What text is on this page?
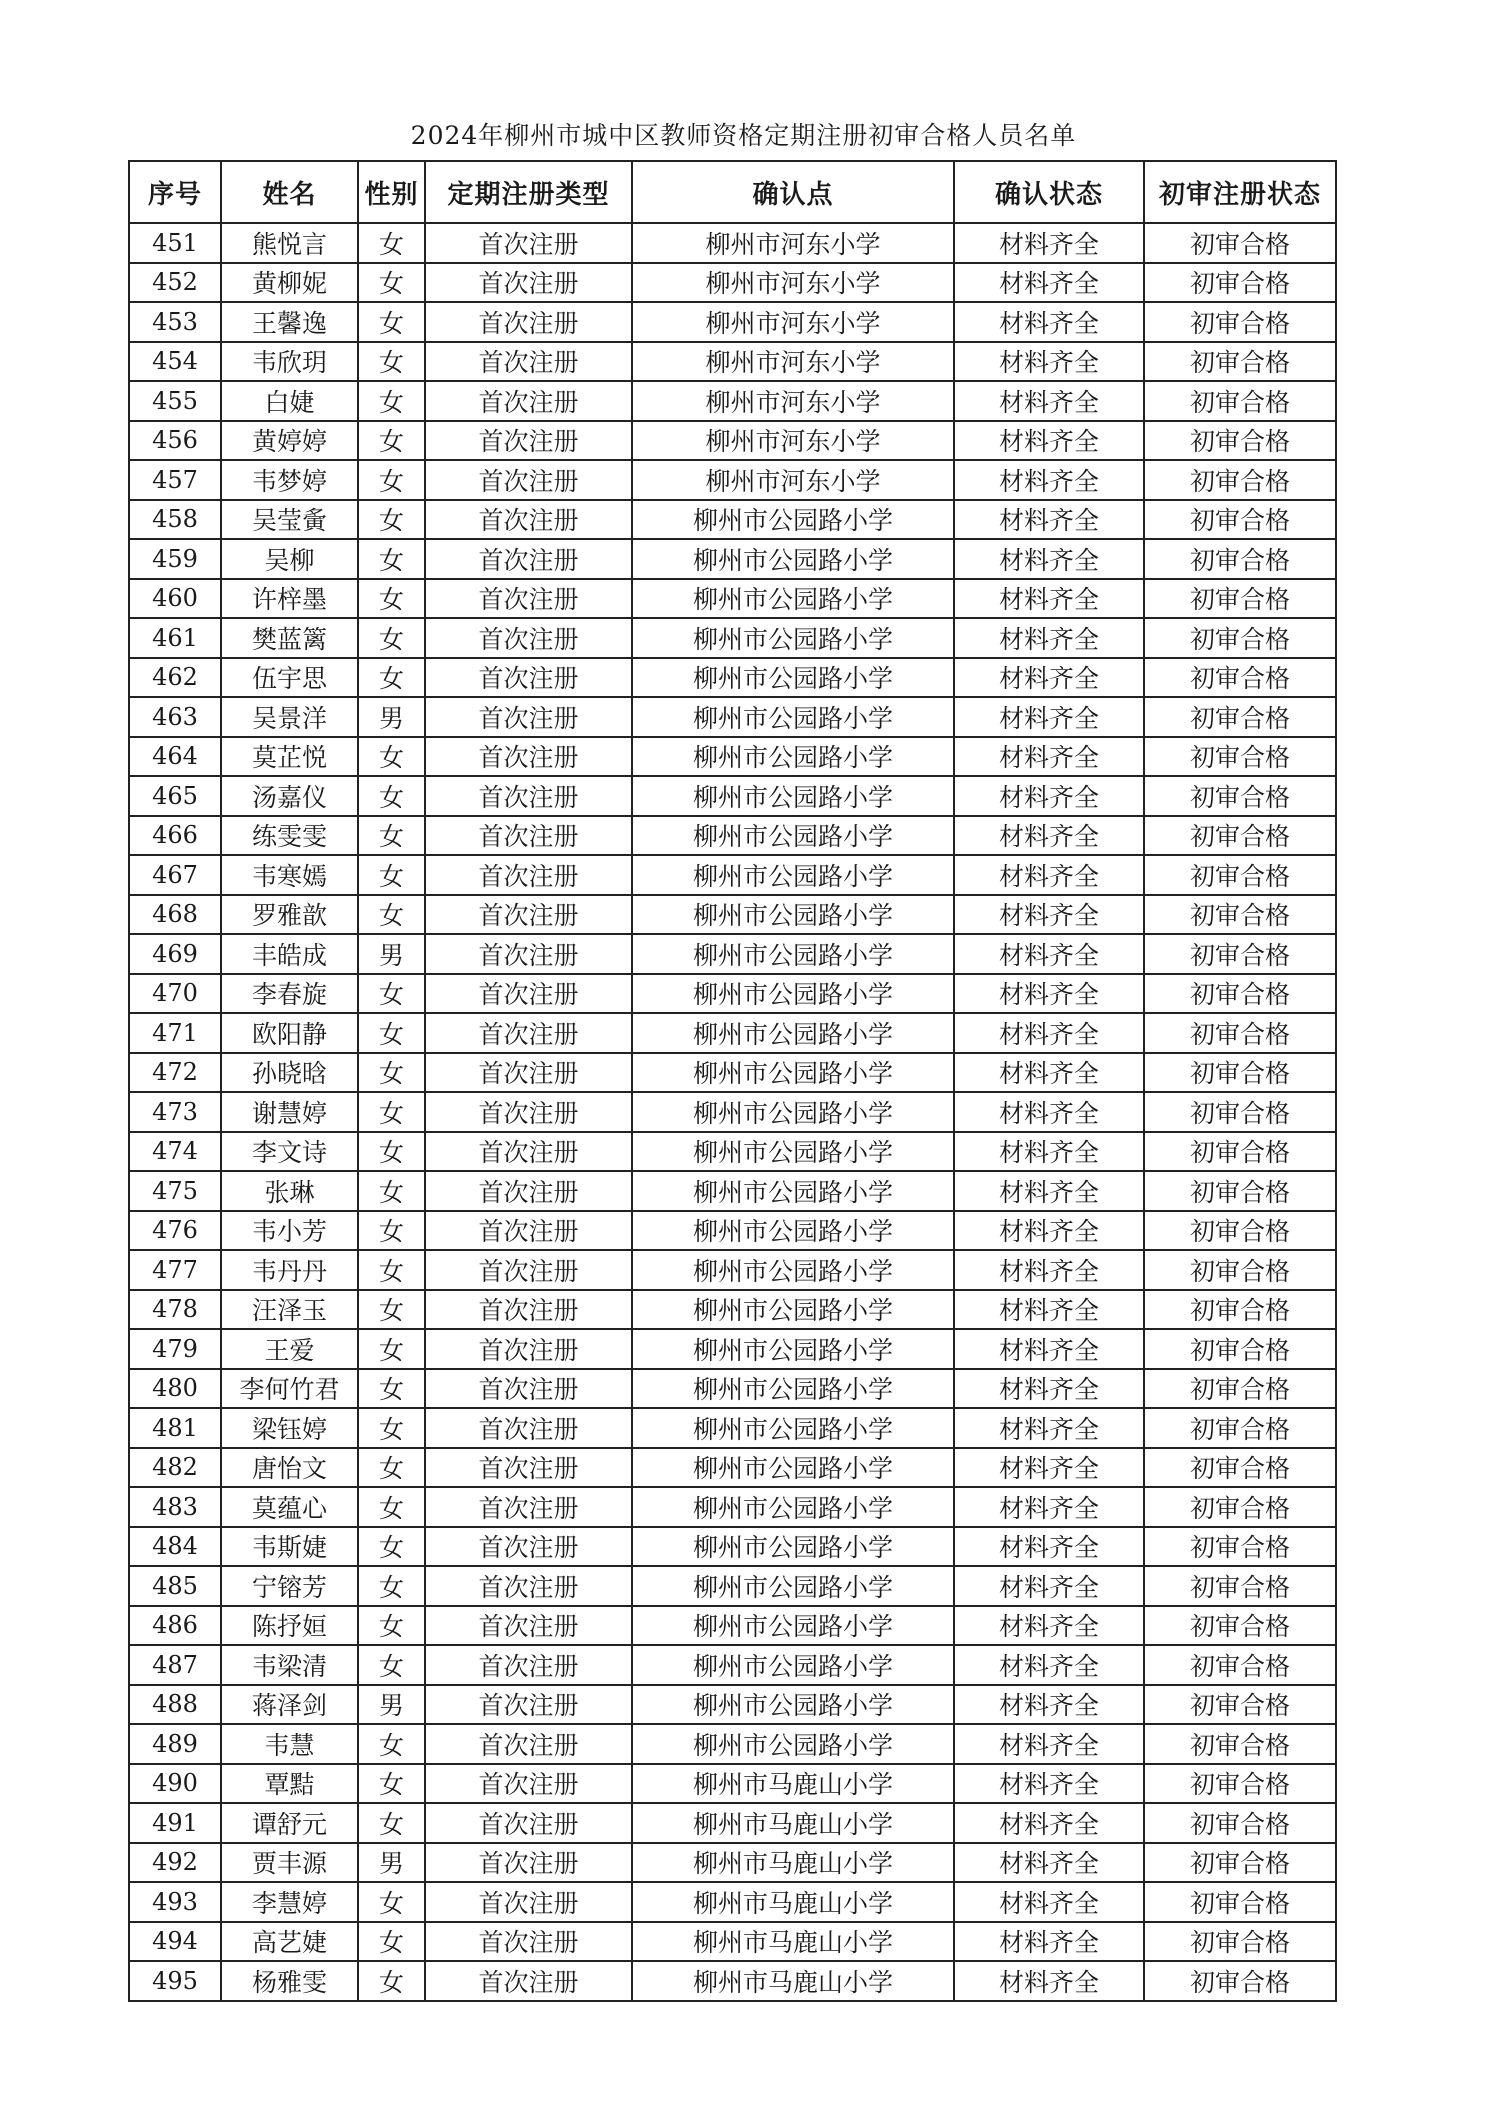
2024年柳州市城中区教师资格定期注册初审合格人员名单
序号	姓名	性别	定期注册类型	确认点	确认状态	初审注册状态
451	熊悦言	女	首次注册	柳州市河东小学	材料齐全	初审合格
452	黄柳妮	女	首次注册	柳州市河东小学	材料齐全	初审合格
453	王馨逸	女	首次注册	柳州市河东小学	材料齐全	初审合格
454	韦欣玥	女	首次注册	柳州市河东小学	材料齐全	初审合格
455	白婕	女	首次注册	柳州市河东小学	材料齐全	初审合格
456	黄婷婷	女	首次注册	柳州市河东小学	材料齐全	初审合格
457	韦梦婷	女	首次注册	柳州市河东小学	材料齐全	初审合格
458	吴莹夤	女	首次注册	柳州市公园路小学	材料齐全	初审合格
459	吴柳	女	首次注册	柳州市公园路小学	材料齐全	初审合格
460	许梓墨	女	首次注册	柳州市公园路小学	材料齐全	初审合格
461	樊蓝篱	女	首次注册	柳州市公园路小学	材料齐全	初审合格
462	伍宇思	女	首次注册	柳州市公园路小学	材料齐全	初审合格
463	吴景洋	男	首次注册	柳州市公园路小学	材料齐全	初审合格
464	莫芷悦	女	首次注册	柳州市公园路小学	材料齐全	初审合格
465	汤嘉仪	女	首次注册	柳州市公园路小学	材料齐全	初审合格
466	练雯雯	女	首次注册	柳州市公园路小学	材料齐全	初审合格
467	韦寒嫣	女	首次注册	柳州市公园路小学	材料齐全	初审合格
468	罗雅歆	女	首次注册	柳州市公园路小学	材料齐全	初审合格
469	丰皓成	男	首次注册	柳州市公园路小学	材料齐全	初审合格
470	李春旋	女	首次注册	柳州市公园路小学	材料齐全	初审合格
471	欧阳静	女	首次注册	柳州市公园路小学	材料齐全	初审合格
472	孙晓晗	女	首次注册	柳州市公园路小学	材料齐全	初审合格
473	谢慧婷	女	首次注册	柳州市公园路小学	材料齐全	初审合格
474	李文诗	女	首次注册	柳州市公园路小学	材料齐全	初审合格
475	张琳	女	首次注册	柳州市公园路小学	材料齐全	初审合格
476	韦小芳	女	首次注册	柳州市公园路小学	材料齐全	初审合格
477	韦丹丹	女	首次注册	柳州市公园路小学	材料齐全	初审合格
478	汪泽玉	女	首次注册	柳州市公园路小学	材料齐全	初审合格
479	王爱	女	首次注册	柳州市公园路小学	材料齐全	初审合格
480	李何竹君	女	首次注册	柳州市公园路小学	材料齐全	初审合格
481	梁钰婷	女	首次注册	柳州市公园路小学	材料齐全	初审合格
482	唐怡文	女	首次注册	柳州市公园路小学	材料齐全	初审合格
483	莫蕴心	女	首次注册	柳州市公园路小学	材料齐全	初审合格
484	韦斯婕	女	首次注册	柳州市公园路小学	材料齐全	初审合格
485	宁镕芳	女	首次注册	柳州市公园路小学	材料齐全	初审合格
486	陈抒姮	女	首次注册	柳州市公园路小学	材料齐全	初审合格
487	韦梁清	女	首次注册	柳州市公园路小学	材料齐全	初审合格
488	蒋泽剑	男	首次注册	柳州市公园路小学	材料齐全	初审合格
489	韦慧	女	首次注册	柳州市公园路小学	材料齐全	初审合格
490	覃黠	女	首次注册	柳州市马鹿山小学	材料齐全	初审合格
491	谭舒元	女	首次注册	柳州市马鹿山小学	材料齐全	初审合格
492	贾丰源	男	首次注册	柳州市马鹿山小学	材料齐全	初审合格
493	李慧婷	女	首次注册	柳州市马鹿山小学	材料齐全	初审合格
494	高艺婕	女	首次注册	柳州市马鹿山小学	材料齐全	初审合格
495	杨雅雯	女	首次注册	柳州市马鹿山小学	材料齐全	初审合格
